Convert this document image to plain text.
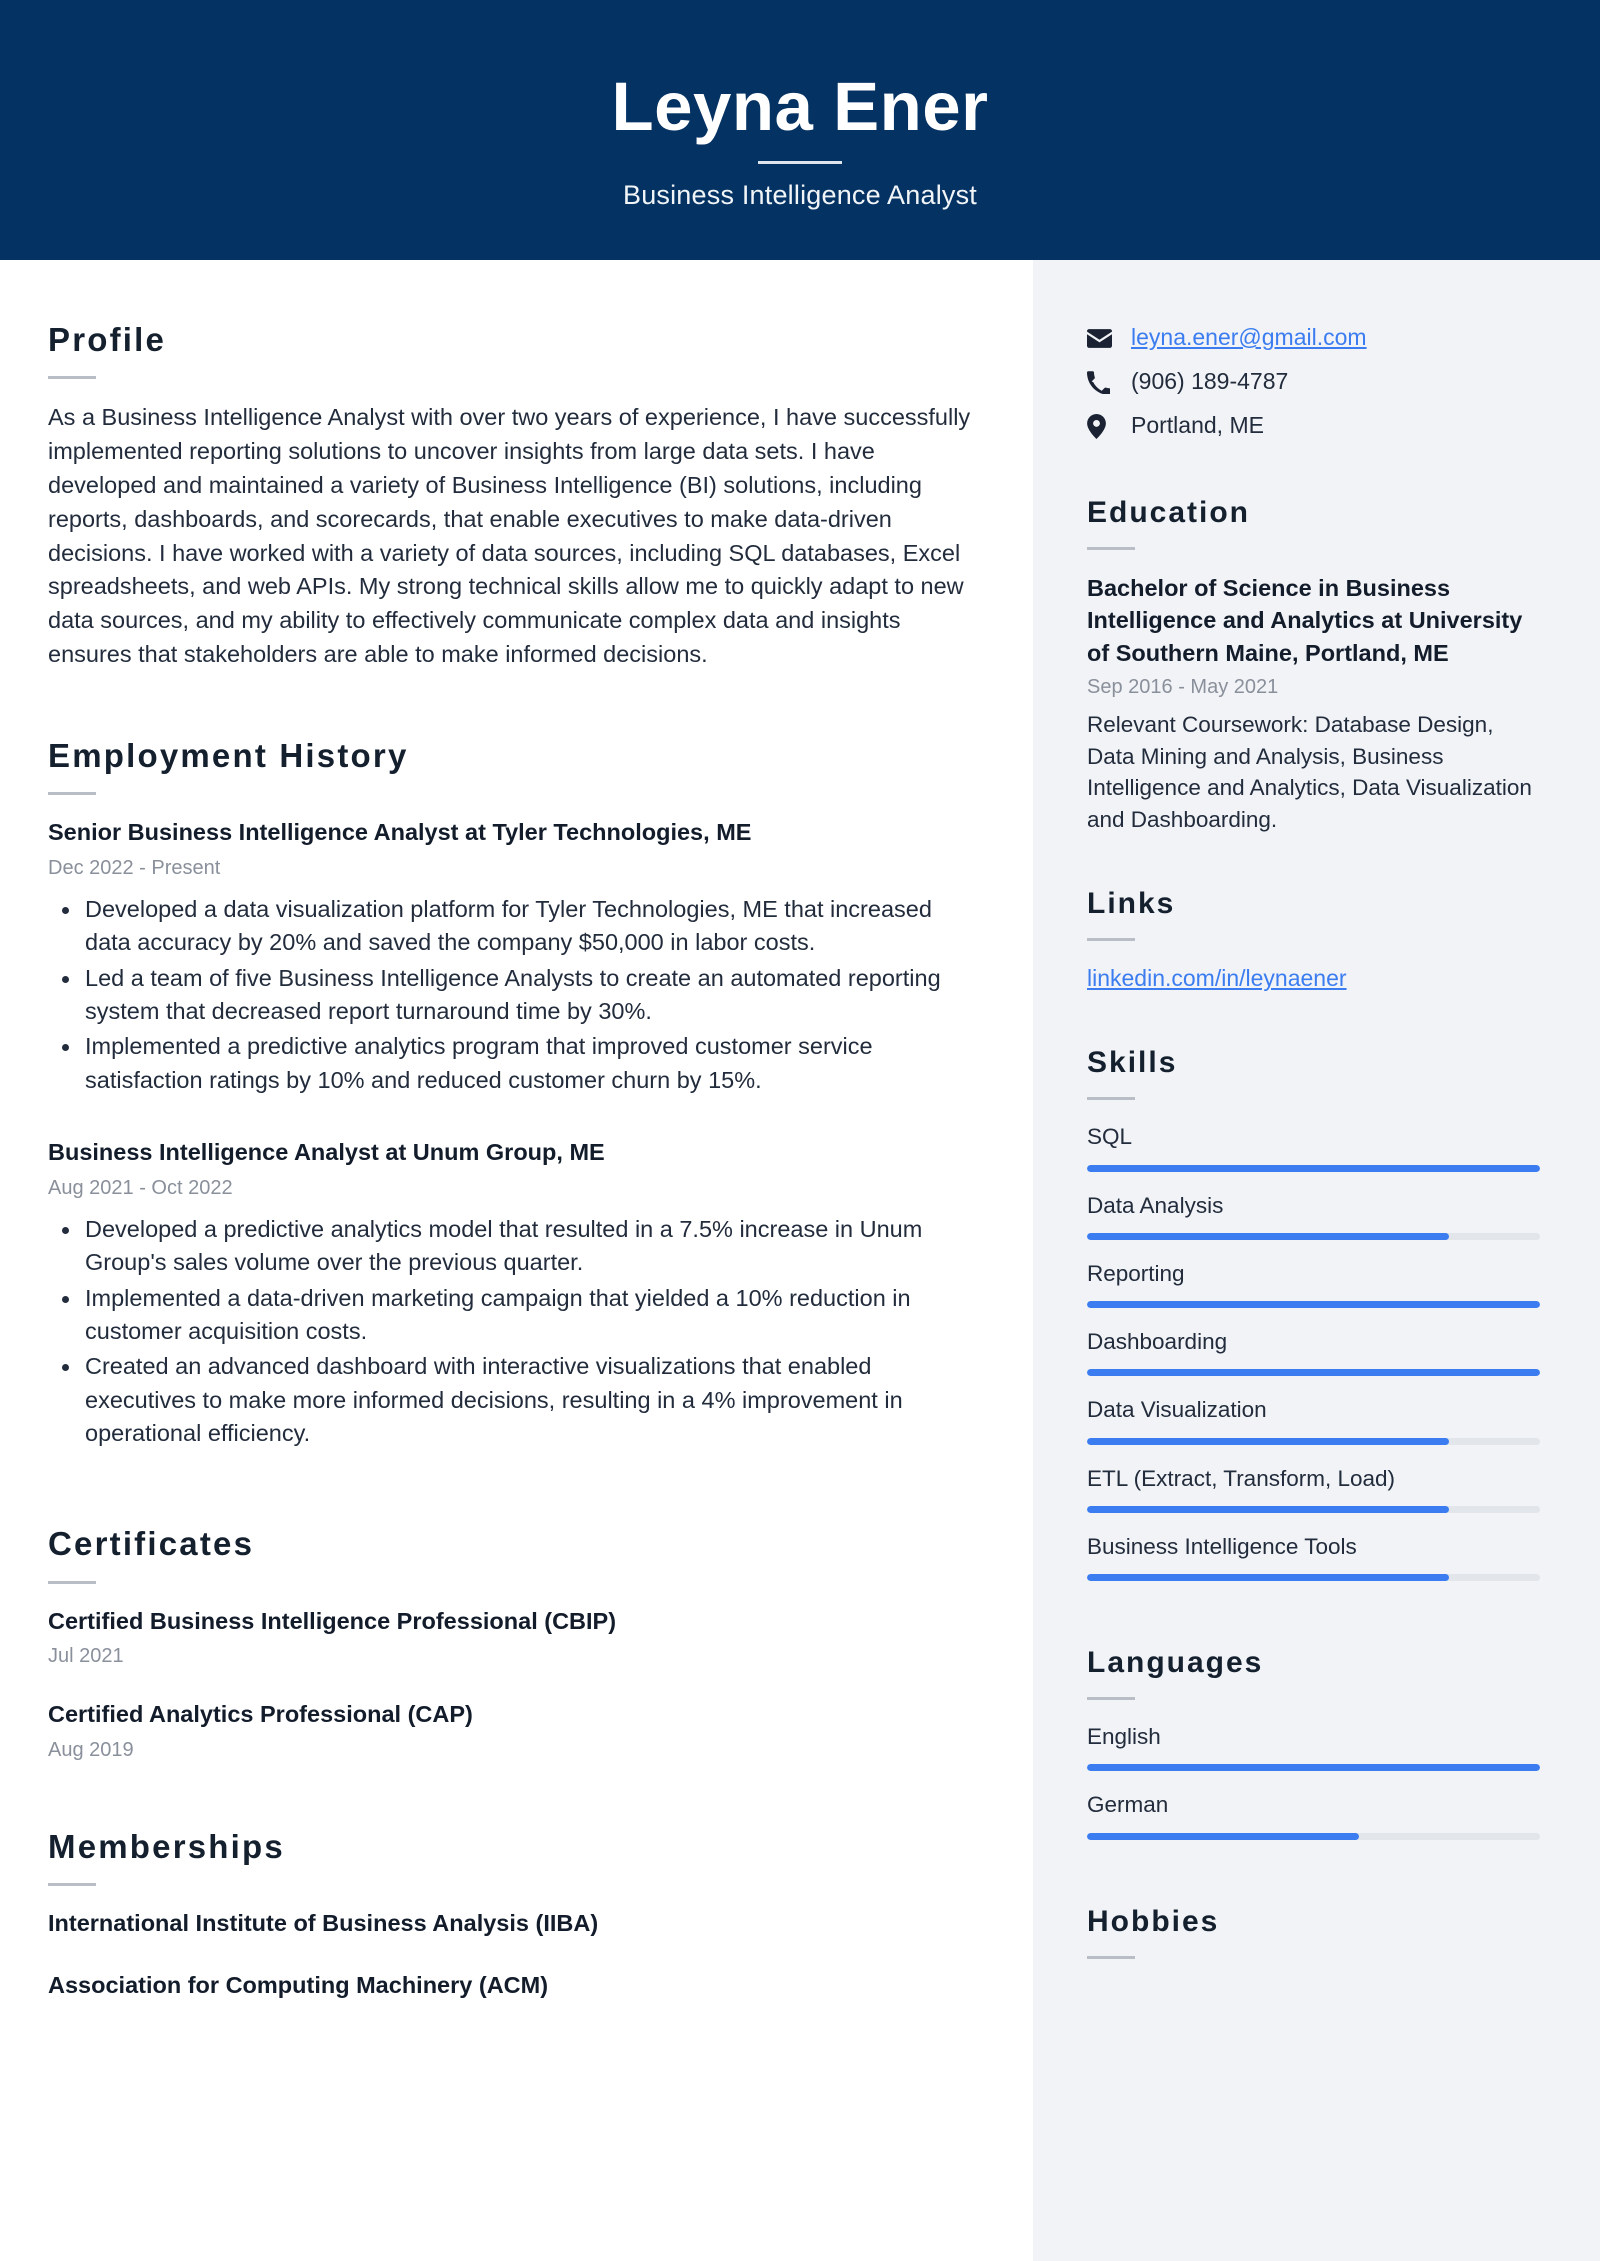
Leyna Ener
Business Intelligence Analyst
Profile

As a Business Intelligence Analyst with over two years of experience, I have successfully implemented reporting solutions to uncover insights from large data sets. I have developed and maintained a variety of Business Intelligence (BI) solutions, including reports, dashboards, and scorecards, that enable executives to make data-driven decisions. I have worked with a variety of data sources, including SQL databases, Excel spreadsheets, and web APIs. My strong technical skills allow me to quickly adapt to new data sources, and my ability to effectively communicate complex data and insights ensures that stakeholders are able to make informed decisions.

Employment History
Senior Business Intelligence Analyst at Tyler Technologies, ME
Dec 2022 - Present
Developed a data visualization platform for Tyler Technologies, ME that increased data accuracy by 20% and saved the company $50,000 in labor costs.
Led a team of five Business Intelligence Analysts to create an automated reporting system that decreased report turnaround time by 30%.
Implemented a predictive analytics program that improved customer service satisfaction ratings by 10% and reduced customer churn by 15%.
Business Intelligence Analyst at Unum Group, ME
Aug 2021 - Oct 2022
Developed a predictive analytics model that resulted in a 7.5% increase in Unum Group's sales volume over the previous quarter.
Implemented a data-driven marketing campaign that yielded a 10% reduction in customer acquisition costs.
Created an advanced dashboard with interactive visualizations that enabled executives to make more informed decisions, resulting in a 4% improvement in operational efficiency.
Certificates
Certified Business Intelligence Professional (CBIP)
Jul 2021
Certified Analytics Professional (CAP)
Aug 2019
Memberships
International Institute of Business Analysis (IIBA)
Association for Computing Machinery (ACM)
leyna.ener@gmail.com
(906) 189-4787
Portland, ME
Education
Bachelor of Science in Business Intelligence and Analytics at University of Southern Maine, Portland, ME
Sep 2016 - May 2021
Relevant Coursework: Database Design, Data Mining and Analysis, Business Intelligence and Analytics, Data Visualization and Dashboarding.
Links
linkedin.com/in/leynaener
Skills
SQL
Data Analysis
Reporting
Dashboarding
Data Visualization
ETL (Extract, Transform, Load)
Business Intelligence Tools
Languages
English
German
Hobbies
